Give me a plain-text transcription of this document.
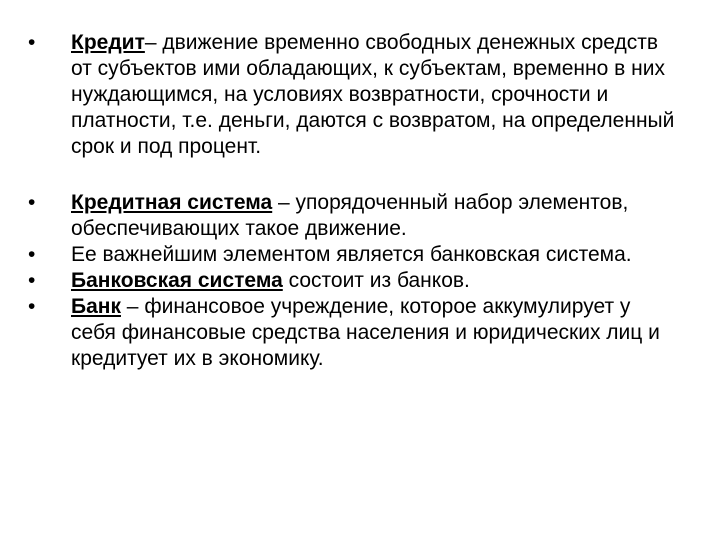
• Кредит– движение временно свободных денежных средств от субъектов ими обладающих, к субъектам, временно в них нуждающимся, на условиях возвратности, срочности и платности, т.е. деньги, даются с возвратом, на определенный срок и под процент.
• Кредитная система – упорядоченный набор элементов, обеспечивающих такое движение.
• Ее важнейшим элементом является банковская система.
• Банковская система состоит из банков.
• Банк – финансовое учреждение, которое аккумулирует у себя финансовые средства населения и юридических лиц и кредитует их в экономику.
